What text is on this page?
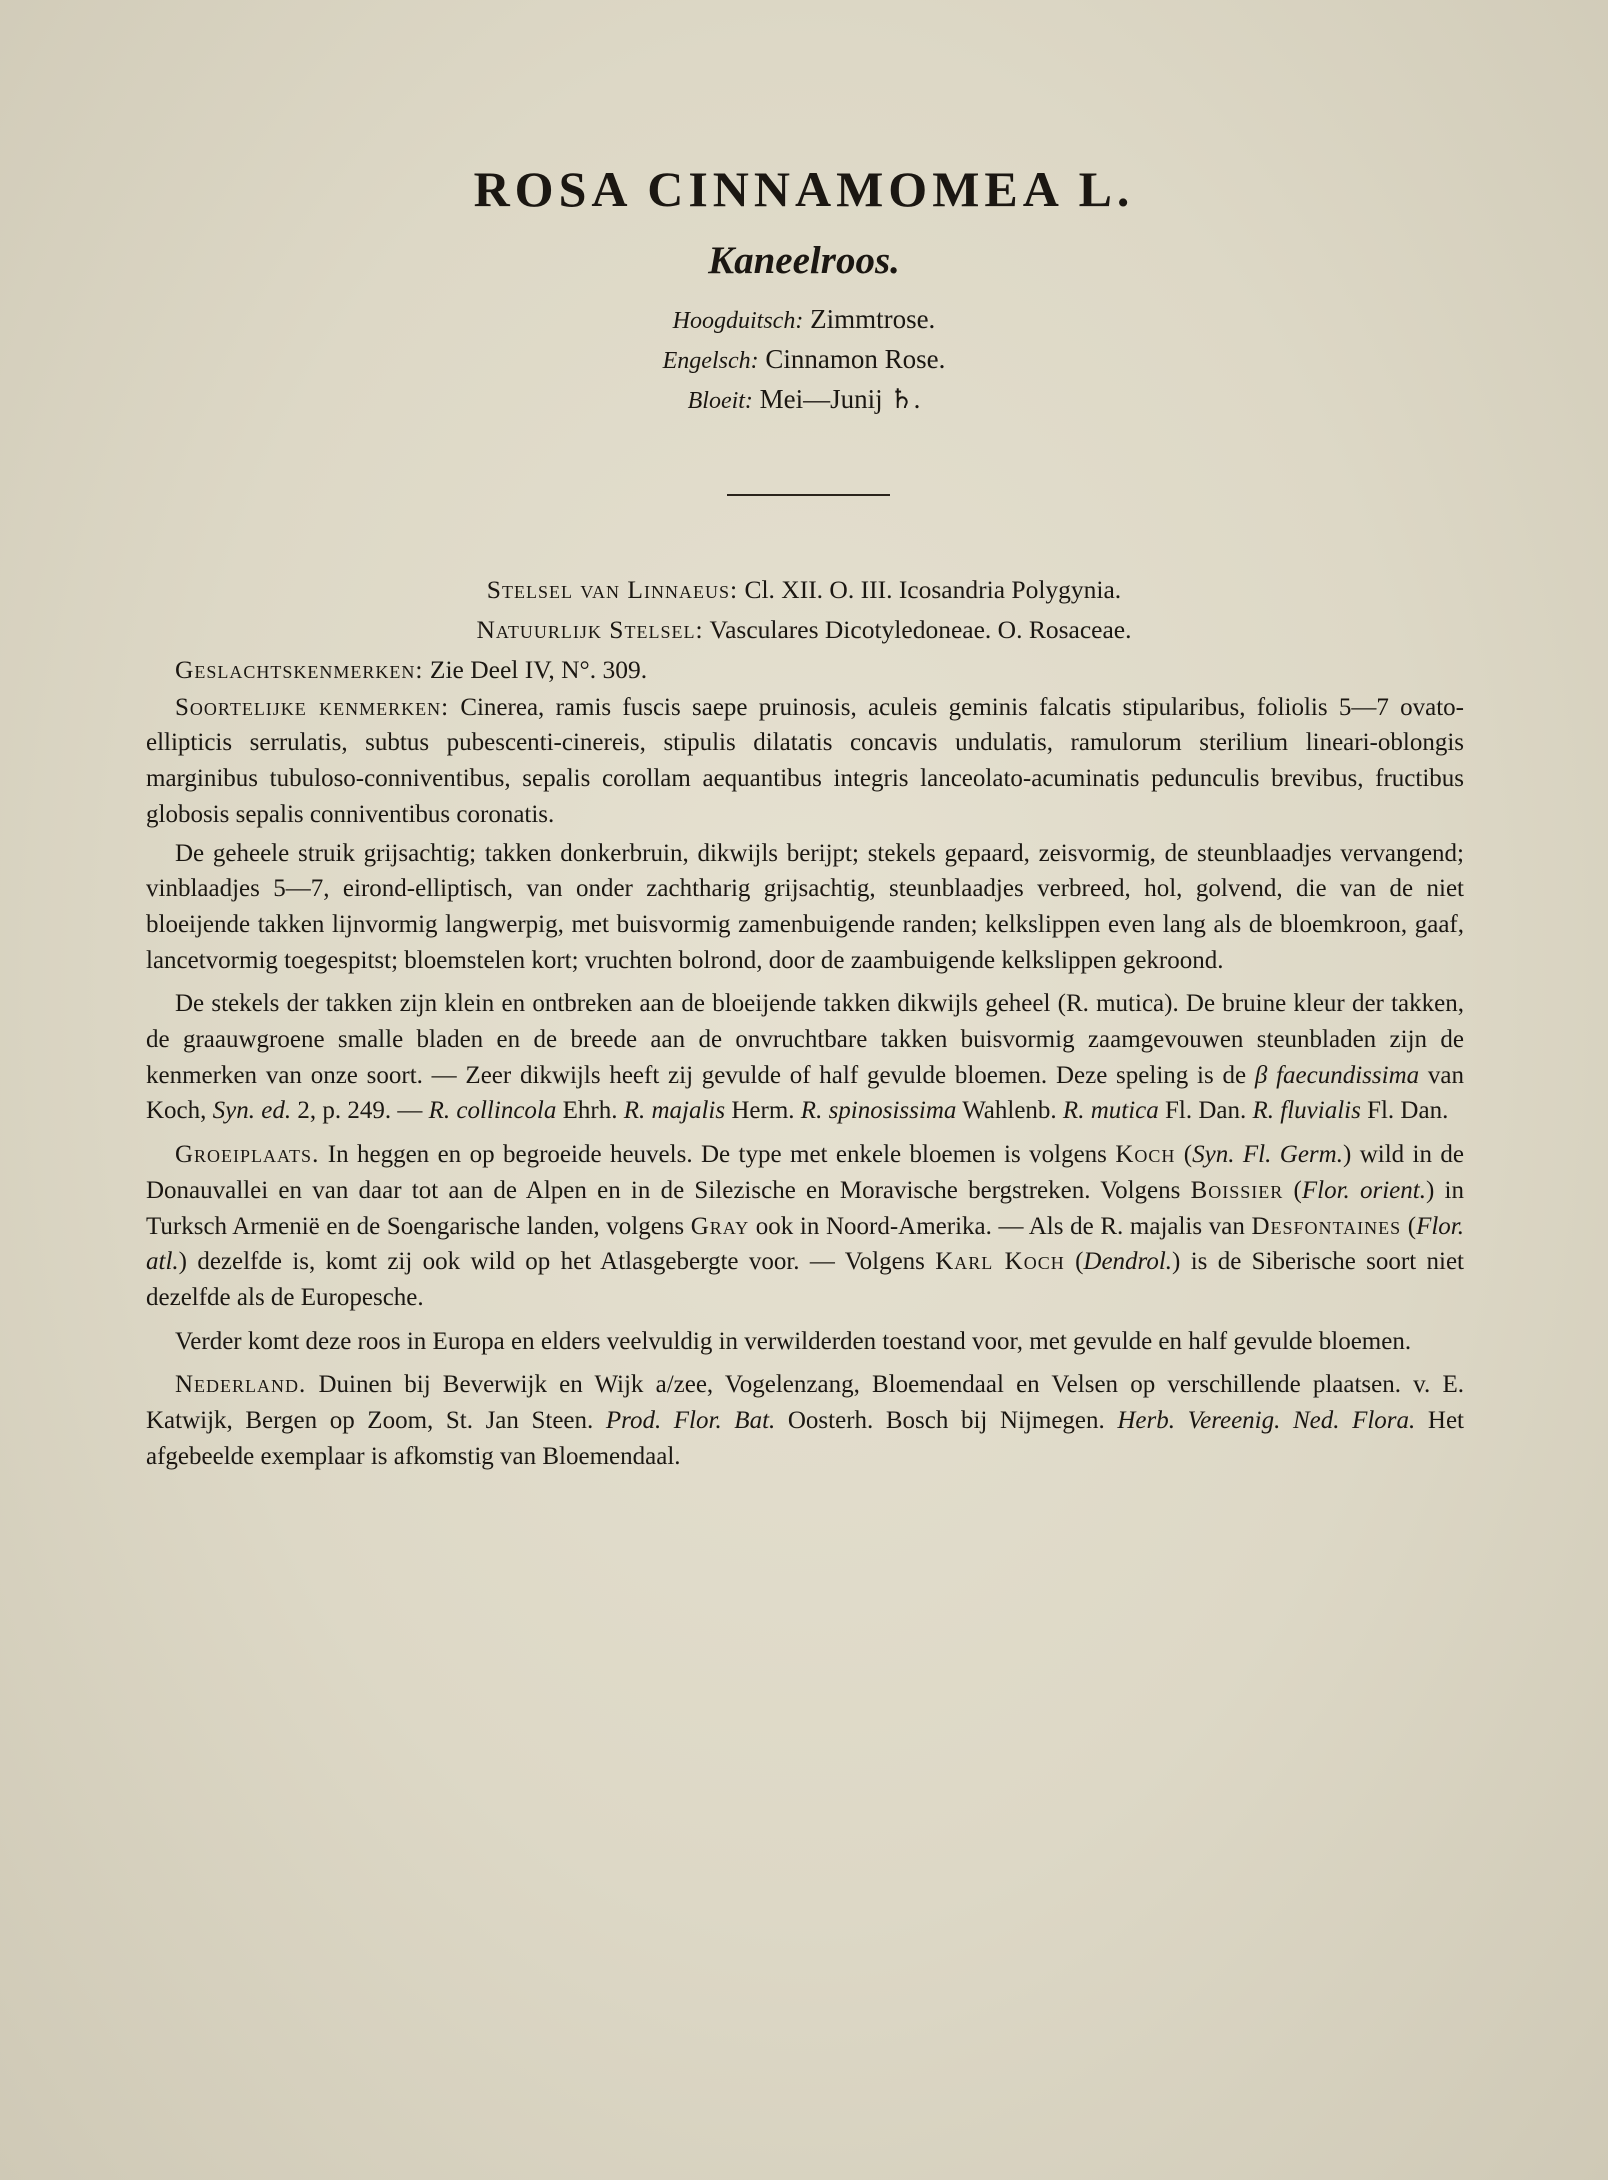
ROSA CINNAMOMEA L.
Kaneelroos.
Hoogduitsch: Zimmtrose.
Engelsch: Cinnamon Rose.
Bloeit: Mei—Junij ♄.
Stelsel van Linnaeus: Cl. XII. O. III. Icosandria Polygynia.
Natuurlijk Stelsel: Vasculares Dicotyledoneae. O. Rosaceae.

Geslachtskenmerken: Zie Deel IV, N°. 309.

Soortelijke kenmerken: Cinerea, ramis fuscis saepe pruinosis, aculeis geminis falcatis stipularibus, foliolis 5—7 ovato-ellipticis serrulatis, subtus pubescenti-cinereis, stipulis dilatatis concavis undulatis, ramulorum sterilium lineari-oblongis marginibus tubuloso-conniventibus, sepalis corollam aequantibus integris lanceolato-acuminatis pedunculis brevibus, fructibus globosis sepalis conniventibus coronatis.

De geheele struik grijsachtig; takken donkerbruin, dikwijls berijpt; stekels gepaard, zeisvormig, de steunblaadjes vervangend; vinblaadjes 5—7, eirond-elliptisch, van onder zachtharig grijsachtig, steunblaadjes verbreed, hol, golvend, die van de niet bloeijende takken lijnvormig langwerpig, met buisvormig zamenbuigende randen; kelkslippen even lang als de bloemkroon, gaaf, lancetvormig toegespitst; bloemstelen kort; vruchten bolrond, door de zaambuigende kelkslippen gekroond.

De stekels der takken zijn klein en ontbreken aan de bloeijende takken dikwijls geheel (R. mutica). De bruine kleur der takken, de graauwgroene smalle bladen en de breede aan de onvruchtbare takken buisvormig zaamgevouwen steunbladen zijn de kenmerken van onze soort. — Zeer dikwijls heeft zij gevulde of half gevulde bloemen. Deze speling is de β faecundissima van Koch, Syn. ed. 2, p. 249. — R. collincola Ehrh. R. majalis Herm. R. spinosissima Wahlenb. R. mutica Fl. Dan. R. fluvialis Fl. Dan.

Groeiplaats. In heggen en op begroeide heuvels. De type met enkele bloemen is volgens Koch (Syn. Fl. Germ.) wild in de Donauvallei en van daar tot aan de Alpen en in de Silezische en Moravische bergstreken. Volgens Boissier (Flor. orient.) in Turksch Armenië en de Soengarische landen, volgens Gray ook in Noord-Amerika. — Als de R. majalis van Desfontaines (Flor. atl.) dezelfde is, komt zij ook wild op het Atlasgebergte voor. — Volgens Karl Koch (Dendrol.) is de Siberische soort niet dezelfde als de Europesche.

Verder komt deze roos in Europa en elders veelvuldig in verwilderden toestand voor, met gevulde en half gevulde bloemen.

Nederland. Duinen bij Beverwijk en Wijk a/zee, Vogelenzang, Bloemendaal en Velsen op verschillende plaatsen. v. E. Katwijk, Bergen op Zoom, St. Jan Steen. Prod. Flor. Bat. Oosterh. Bosch bij Nijmegen. Herb. Vereenig. Ned. Flora. Het afgebeelde exemplaar is afkomstig van Bloemendaal.
